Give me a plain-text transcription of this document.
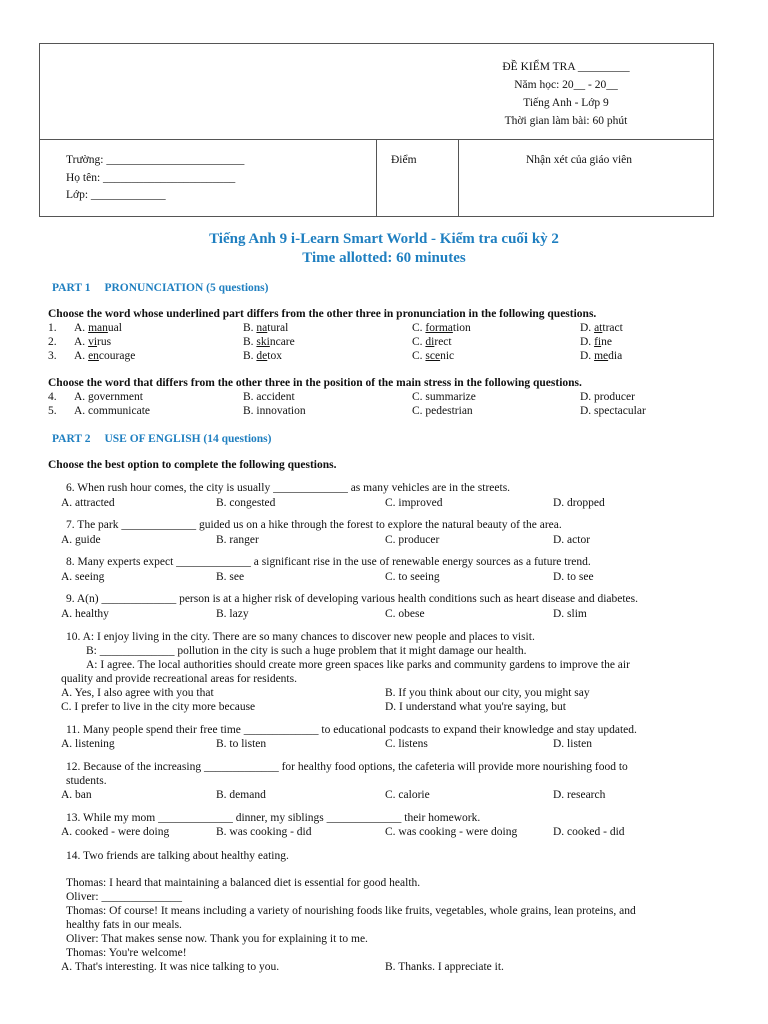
ĐỀ KIỂM TRA _________
Năm học: 20__ - 20__
Tiếng Anh - Lớp 9
Thời gian làm bài: 60 phút
Trường: ________________________
Họ tên: _______________________
Lớp: _____________
Điểm	Nhận xét của giáo viên
Tiếng Anh 9 i-Learn Smart World - Kiểm tra cuối kỳ 2
Time allotted: 60 minutes
PART 1 PRONUNCIATION (5 questions)
Choose the word whose underlined part differs from the other three in pronunciation in the following questions.
1. A. manual	B. natural	C. formation	D. attract
2. A. virus	B. skincare	C. direct	D. fine
3. A. encourage	B. detox	C. scenic	D. media
Choose the word that differs from the other three in the position of the main stress in the following questions.
4. A. government	B. accident	C. summarize	D. producer
5. A. communicate	B. innovation	C. pedestrian	D. spectacular
PART 2 USE OF ENGLISH (14 questions)
Choose the best option to complete the following questions.
6. When rush hour comes, the city is usually _____________ as many vehicles are in the streets.
A. attracted	B. congested	C. improved	D. dropped
7. The park _____________ guided us on a hike through the forest to explore the natural beauty of the area.
A. guide	B. ranger	C. producer	D. actor
8. Many experts expect _____________ a significant rise in the use of renewable energy sources as a future trend.
A. seeing	B. see	C. to seeing	D. to see
9. A(n) _____________ person is at a higher risk of developing various health conditions such as heart disease and diabetes.
A. healthy	B. lazy	C. obese	D. slim
11. Many people spend their free time _____________ to educational podcasts to expand their knowledge and stay updated.
A. listening	B. to listen	C. listens	D. listen
A. ban	B. demand	C. calorie	D. research
13. While my mom _____________ dinner, my siblings _____________ their homework.
A. cooked - were doing	B. was cooking - did	C. was cooking - were doing	D. cooked - did
10. A: I enjoy living in the city. There are so many chances to discover new people and places to visit.
B: _____________ pollution in the city is such a huge problem that it might damage our health.
A: I agree. The local authorities should create more green spaces like parks and community gardens to improve the air
quality and provide recreational areas for residents.
A. Yes, I also agree with you that	B. If you think about our city, you might say
C. I prefer to live in the city more because	D. I understand what you're saying, but
12. Because of the increasing _____________ for healthy food options, the cafeteria will provide more nourishing food to
students.
14. Two friends are talking about healthy eating.
Thomas: I heard that maintaining a balanced diet is essential for good health.
Oliver: ______________
Thomas: Of course! It means including a variety of nourishing foods like fruits, vegetables, whole grains, lean proteins, and
healthy fats in our meals.
Oliver: That makes sense now. Thank you for explaining it to me.
Thomas: You're welcome!
A. That's interesting. It was nice talking to you.	B. Thanks. I appreciate it.
